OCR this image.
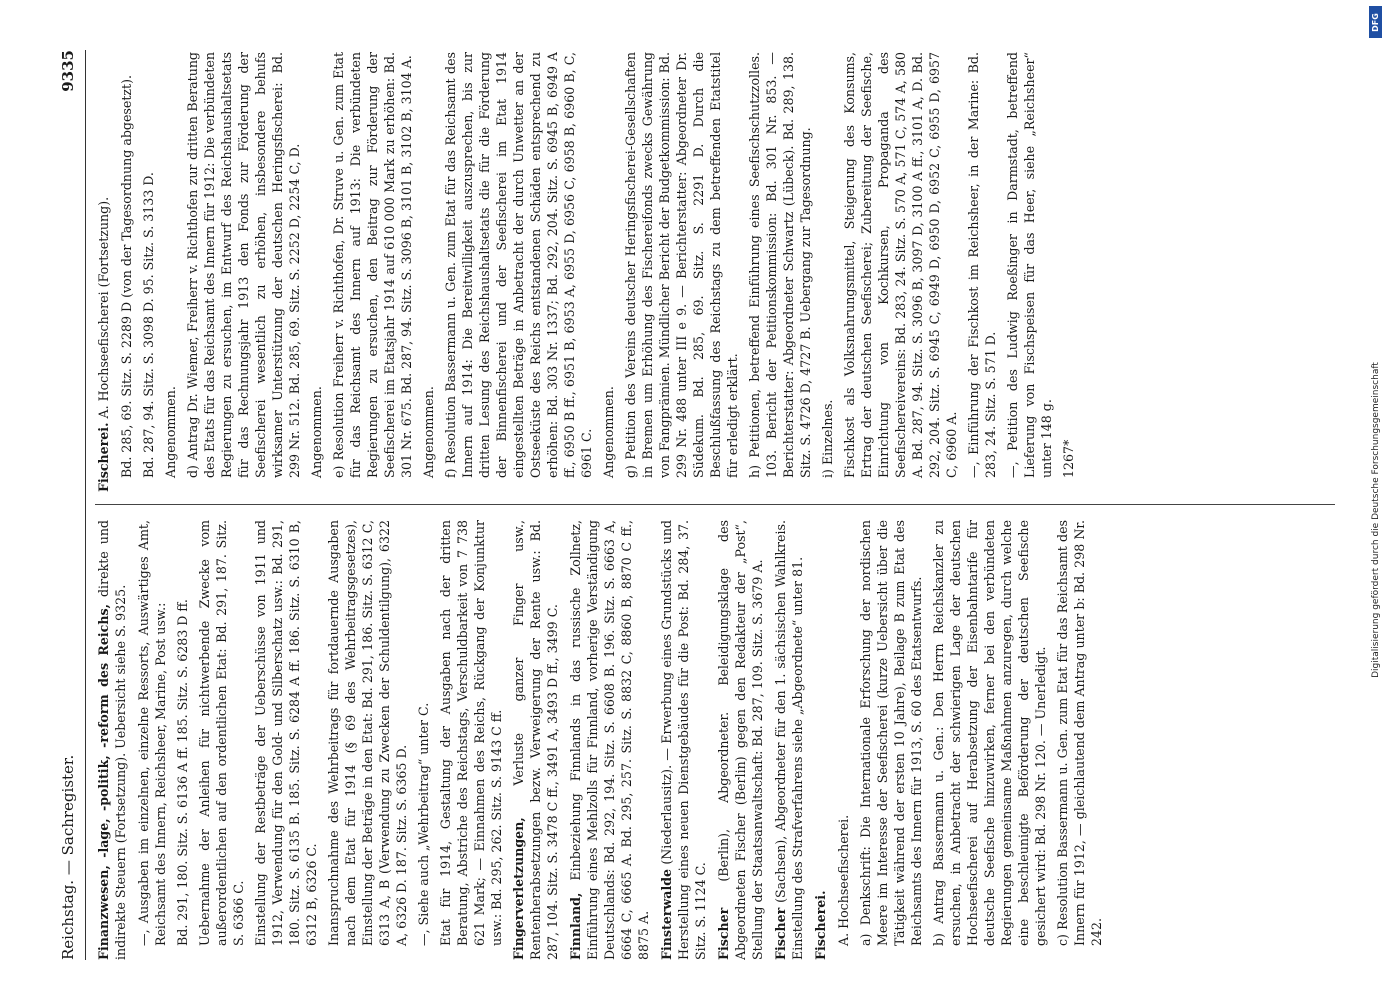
Reichstag. — Sachregister.
9335

Finanzwesen, -lage, -politik, -reform des Reichs, direkte und indirekte Steuern (Fortsetzung). Uebersicht siehe S. 9325. —, Ausgaben im einzelnen, einzelne Ressorts, Auswärtiges Amt, Reichsamt des Innern, Reichsheer, Marine, Post usw.: Bd. 291, 180. Sitz. S. 6136 A ff. 185. Sitz. S. 6283 D ff. Uebernahme der Anleihen für nichtwerbende Zwecke vom außerordentlichen auf den ordentlichen Etat: Bd. 291, 187. Sitz. S. 6366 C. Einstellung der Restbeträge der Ueberschüsse von 1911 und 1912, Verwendung für den Gold- und Silberschatz usw.: Bd. 291, 180. Sitz. S. 6135 B. 185. Sitz. S. 6284 A ff. 186. Sitz. S. 6310 B, 6312 B, 6326 C. Inanspruchnahme des Wehrbeitrags für fortdauernde Ausgaben nach dem Etat für 1914 (§ 69 des Wehrbeitragsgesetzes), Einstellung der Beträge in den Etat: Bd. 291, 186. Sitz. S. 6312 C, 6313 A, B (Verwendung zu Zwecken der Schuldentilgung), 6322 A, 6326 D. 187. Sitz. S. 6365 D. —, Siehe auch „Wehrbeitrag“ unter C. Etat für 1914, Gestaltung der Ausgaben nach der dritten Beratung, Abstriche des Reichstags, Verschuldbarkeit von 7 738 621 Mark; — Einnahmen des Reichs, Rückgang der Konjunktur usw.: Bd. 295, 262. Sitz. S. 9143 C ff. Fingerverletzungen, Verluste ganzer Finger usw., Rentenherabsetzungen bezw. Verweigerung der Rente usw.: Bd. 287, 104. Sitz. S. 3478 C ff., 3491 A, 3493 D ff., 3499 C. Finnland, Einbeziehung Finnlands in das russische Zollnetz, Einführung eines Mehlzolls für Finnland, vorherige Verständigung Deutschlands: Bd. 292, 194. Sitz. S. 6608 B. 196. Sitz. S. 6663 A, 6664 C, 6665 A. Bd. 295, 257. Sitz. S. 8832 C, 8860 B, 8870 C ff., 8875 A. Finsterwalde (Niederlausitz). — Erwerbung eines Grundstücks und Herstellung eines neuen Dienstgebäudes für die Post: Bd. 284, 37. Sitz. S. 1124 C. Fischer (Berlin), Abgeordneter. Beleidigungsklage des Abgeordneten Fischer (Berlin) gegen den Redakteur der „Post“, Stellung der Staatsanwaltschaft: Bd. 287, 109. Sitz. S. 3679 A. Fischer (Sachsen), Abgeordneter für den 1. sächsischen Wahlkreis. Einstellung des Strafverfahrens siehe „Abgeordnete“ unter 81. Fischerei. A. Hochseefischerei. a) Denkschrift: Die Internationale Erforschung der nordischen Meere im Interesse der Seefischerei (kurze Uebersicht über die Tätigkeit während der ersten 10 Jahre), Beilage B zum Etat des Reichsamts des Innern für 1913, S. 60 des Etatsentwurfs. b) Antrag Bassermann u. Gen.: Den Herrn Reichskanzler zu ersuchen, in Anbetracht der schwierigen Lage der deutschen Hochseefischerei auf Herabsetzung der Eisenbahntarife für deutsche Seefische hinzuwirken, ferner bei den verbündeten Regierungen gemeinsame Maßnahmen anzuregen, durch welche eine beschleunigte Beförderung der deutschen Seefische gesichert wird: Bd. 298 Nr. 120. — Unerledigt. c) Resolution Bassermann u. Gen. zum Etat für das Reichsamt des Innern für 1912, — gleichlautend dem Antrag unter b: Bd. 298 Nr. 242.

Fischerei. A. Hochseefischerei (Fortsetzung). Bd. 285, 69. Sitz. S. 2289 D (von der Tagesordnung abgesetzt). Bd. 287, 94. Sitz. S. 3098 D. 95. Sitz. S. 3133 D. Angenommen. d) Antrag Dr. Wiemer, Freiherr v. Richthofen zur dritten Beratung des Etats für das Reichsamt des Innern für 1912: Die verbündeten Regierungen zu ersuchen, im Entwurf des Reichshaushaltsetats für das Rechnungsjahr 1913 den Fonds zur Förderung der Seefischerei wesentlich zu erhöhen, insbesondere behufs wirksamer Unterstützung der deutschen Heringsfischerei: Bd. 299 Nr. 512. Bd. 285, 69. Sitz. S. 2252 D, 2254 C, D. Angenommen. e) Resolution Freiherr v. Richthofen, Dr. Struve u. Gen. zum Etat für das Reichsamt des Innern auf 1913: Die verbündeten Regierungen zu ersuchen, den Beitrag zur Förderung der Seefischerei im Etatsjahr 1914 auf 610 000 Mark zu erhöhen: Bd. 301 Nr. 675. Bd. 287, 94. Sitz. S. 3096 B, 3101 B, 3102 B, 3104 A. Angenommen. f) Resolution Bassermann u. Gen. zum Etat für das Reichsamt des Innern auf 1914: Die Bereitwilligkeit auszusprechen, bis zur dritten Lesung des Reichshaushaltsetats die für die Förderung der Binnenfischerei und der Seefischerei im Etat 1914 eingestellten Beträge in Anbetracht der durch Unwetter an der Ostseeküste des Reichs entstandenen Schäden entsprechend zu erhöhen: Bd. 303 Nr. 1337; Bd. 292, 204. Sitz. S. 6945 B, 6949 A ff., 6950 B ff., 6951 B, 6953 A, 6955 D, 6956 C, 6958 B, 6960 B, C, 6961 C. Angenommen. g) Petition des Vereins deutscher Heringsfischerei-Gesellschaften in Bremen um Erhöhung des Fischereifonds zwecks Gewährung von Fangprämien. Mündlicher Bericht der Budgetkommission: Bd. 299 Nr. 488 unter III e 9. — Berichterstatter: Abgeordneter Dr. Südekum. Bd. 285, 69. Sitz. S. 2291 D. Durch die Beschlußfassung des Reichstags zu dem betreffenden Etatstitel für erledigt erklärt. h) Petitionen, betreffend Einführung eines Seefischschutzzolles. 103. Bericht der Petitionskommission: Bd. 301 Nr. 853. — Berichterstatter: Abgeordneter Schwartz (Lübeck). Bd. 289, 138. Sitz. S. 4726 D, 4727 B. Uebergang zur Tagesordnung. i) Einzelnes. Fischkost als Volksnahrungsmittel, Steigerung des Konsums, Ertrag der deutschen Seefischerei; Zubereitung der Seefische, Einrichtung von Kochkursen, Propaganda des Seefischereivereins: Bd. 283, 24. Sitz. S. 570 A, 571 C, 574 A, 580 A. Bd. 287, 94. Sitz. S. 3096 B, 3097 D, 3100 A ff., 3101 A, D. Bd. 292, 204. Sitz. S. 6945 C, 6949 D, 6950 D, 6952 C, 6955 D, 6957 C, 6960 A. —, Einführung der Fischkost im Reichsheer, in der Marine: Bd. 283, 24. Sitz. S. 571 D. —, Petition des Ludwig Roeßinger in Darmstadt, betreffend Lieferung von Fischspeisen für das Heer, siehe „Reichsheer“ unter 148 g. 1267*

DFG
Digitalisierung gefördert durch die Deutsche Forschungsgemeinschaft
